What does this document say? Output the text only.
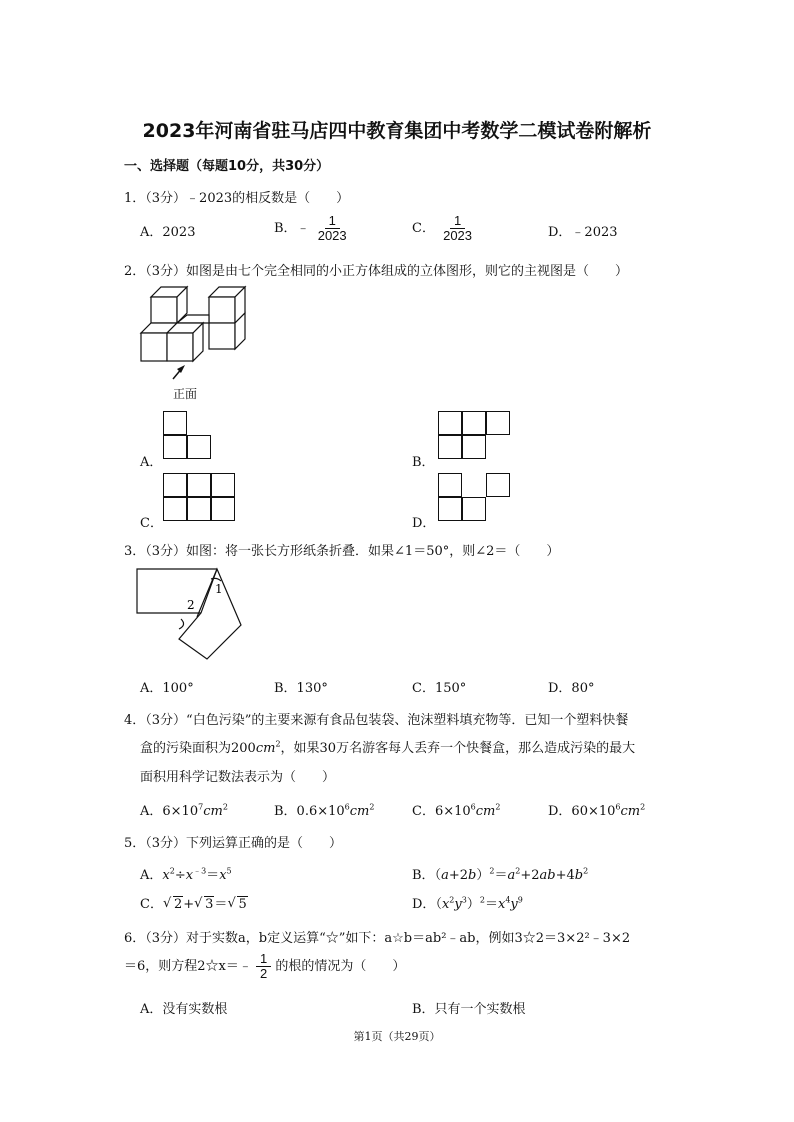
2023年河南省驻马店四中教育集团中考数学二模试卷附解析
一、选择题（每题10分，共30分）
1．（3分）﹣2023的相反数是（　　）
A．2023	B．﹣ $\frac{1}{2023}$	C． $\frac{1}{2023}$	D．﹣2023
2．（3分）如图是由七个完全相同的小正方体组成的立体图形，则它的主视图是（　　）
正面
A．	B．
C．	D．
3．（3分）如图：将一张长方形纸条折叠．如果∠1＝50°，则∠2＝（　　）
1
2
A．100°	B．130°	C．150°	D．80°
4．（3分）“白色污染”的主要来源有食品包装袋、泡沫塑料填充物等．已知一个塑料快餐
盒的污染面积为$200cm^2$，如果30万名游客每人丢弃一个快餐盒，那么造成污染的最大
面积用科学记数法表示为（　　）
A．$6\times 10^7cm^2$	B．$0.6\times 10^6cm^2$	C．$6\times 10^6cm^2$	D．$60\times 10^6cm^2$
5．（3分）下列运算正确的是（　　）
A．$x^2\div x^{﹣3}=x^5$	B．$(a+2b)^2=a^2+2ab+4b^2$
C． √ 2+ √ 3＝ √ 5	D．$(x^2y^3)^2=x^4y^9$
6．（3分）对于实数a，b定义运算“☆”如下：a☆b＝ab²﹣ab，例如3☆2＝3×2²﹣3×2
＝6，则方程2☆x＝﹣ $\frac{1}{2}$ 的根的情况为（　　）
A．没有实数根	B．只有一个实数根
第1页（共29页）
